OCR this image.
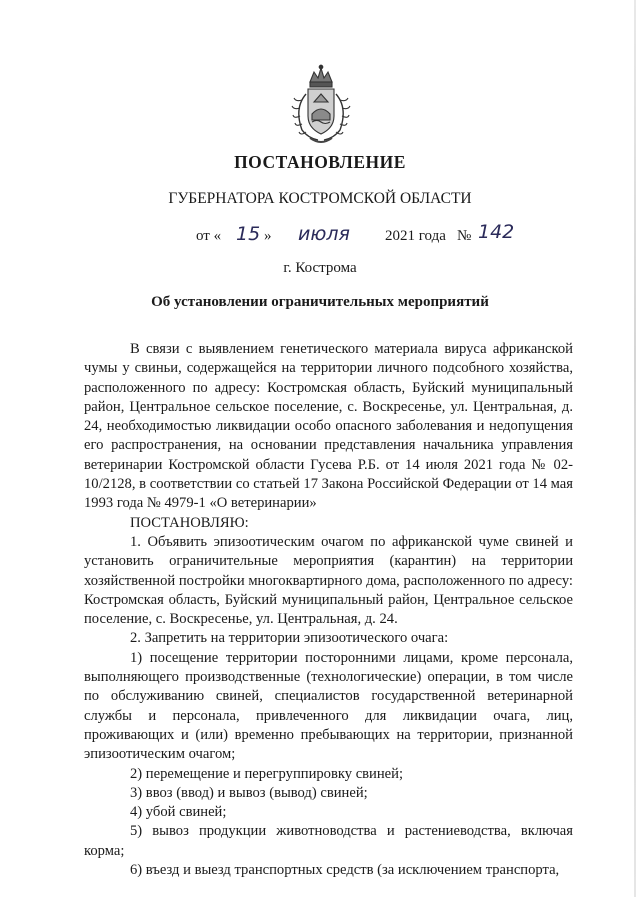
ПОСТАНОВЛЕНИЕ
ГУБЕРНАТОРА КОСТРОМСКОЙ ОБЛАСТИ
от « 15 » июля 2021 года № 142
г. Кострома
Об установлении ограничительных мероприятий

В связи с выявлением генетического материала вируса африканской чумы у свиньи, содержащейся на территории личного подсобного хозяйства, расположенного по адресу: Костромская область, Буйский муниципальный район, Центральное сельское поселение, с. Воскресенье, ул. Центральная, д. 24, необходимостью ликвидации особо опасного заболевания и недопущения его распространения, на основании представления начальника управления ветеринарии Костромской области Гусева Р.Б. от 14 июля 2021 года № 02-10/2128, в соответствии со статьей 17 Закона Российской Федерации от 14 мая 1993 года № 4979-1 «О ветеринарии»

ПОСТАНОВЛЯЮ:

1. Объявить эпизоотическим очагом по африканской чуме свиней и установить ограничительные мероприятия (карантин) на территории хозяйственной постройки многоквартирного дома, расположенного по адресу: Костромская область, Буйский муниципальный район, Центральное сельское поселение, с. Воскресенье, ул. Центральная, д. 24.

2. Запретить на территории эпизоотического очага:

1) посещение территории посторонними лицами, кроме персонала, выполняющего производственные (технологические) операции, в том числе по обслуживанию свиней, специалистов государственной ветеринарной службы и персонала, привлеченного для ликвидации очага, лиц, проживающих и (или) временно пребывающих на территории, признанной эпизоотическим очагом;

2) перемещение и перегруппировку свиней;

3) ввоз (ввод) и вывоз (вывод) свиней;

4) убой свиней;

5) вывоз продукции животноводства и растениеводства, включая корма;

6) въезд и выезд транспортных средств (за исключением транспорта,
